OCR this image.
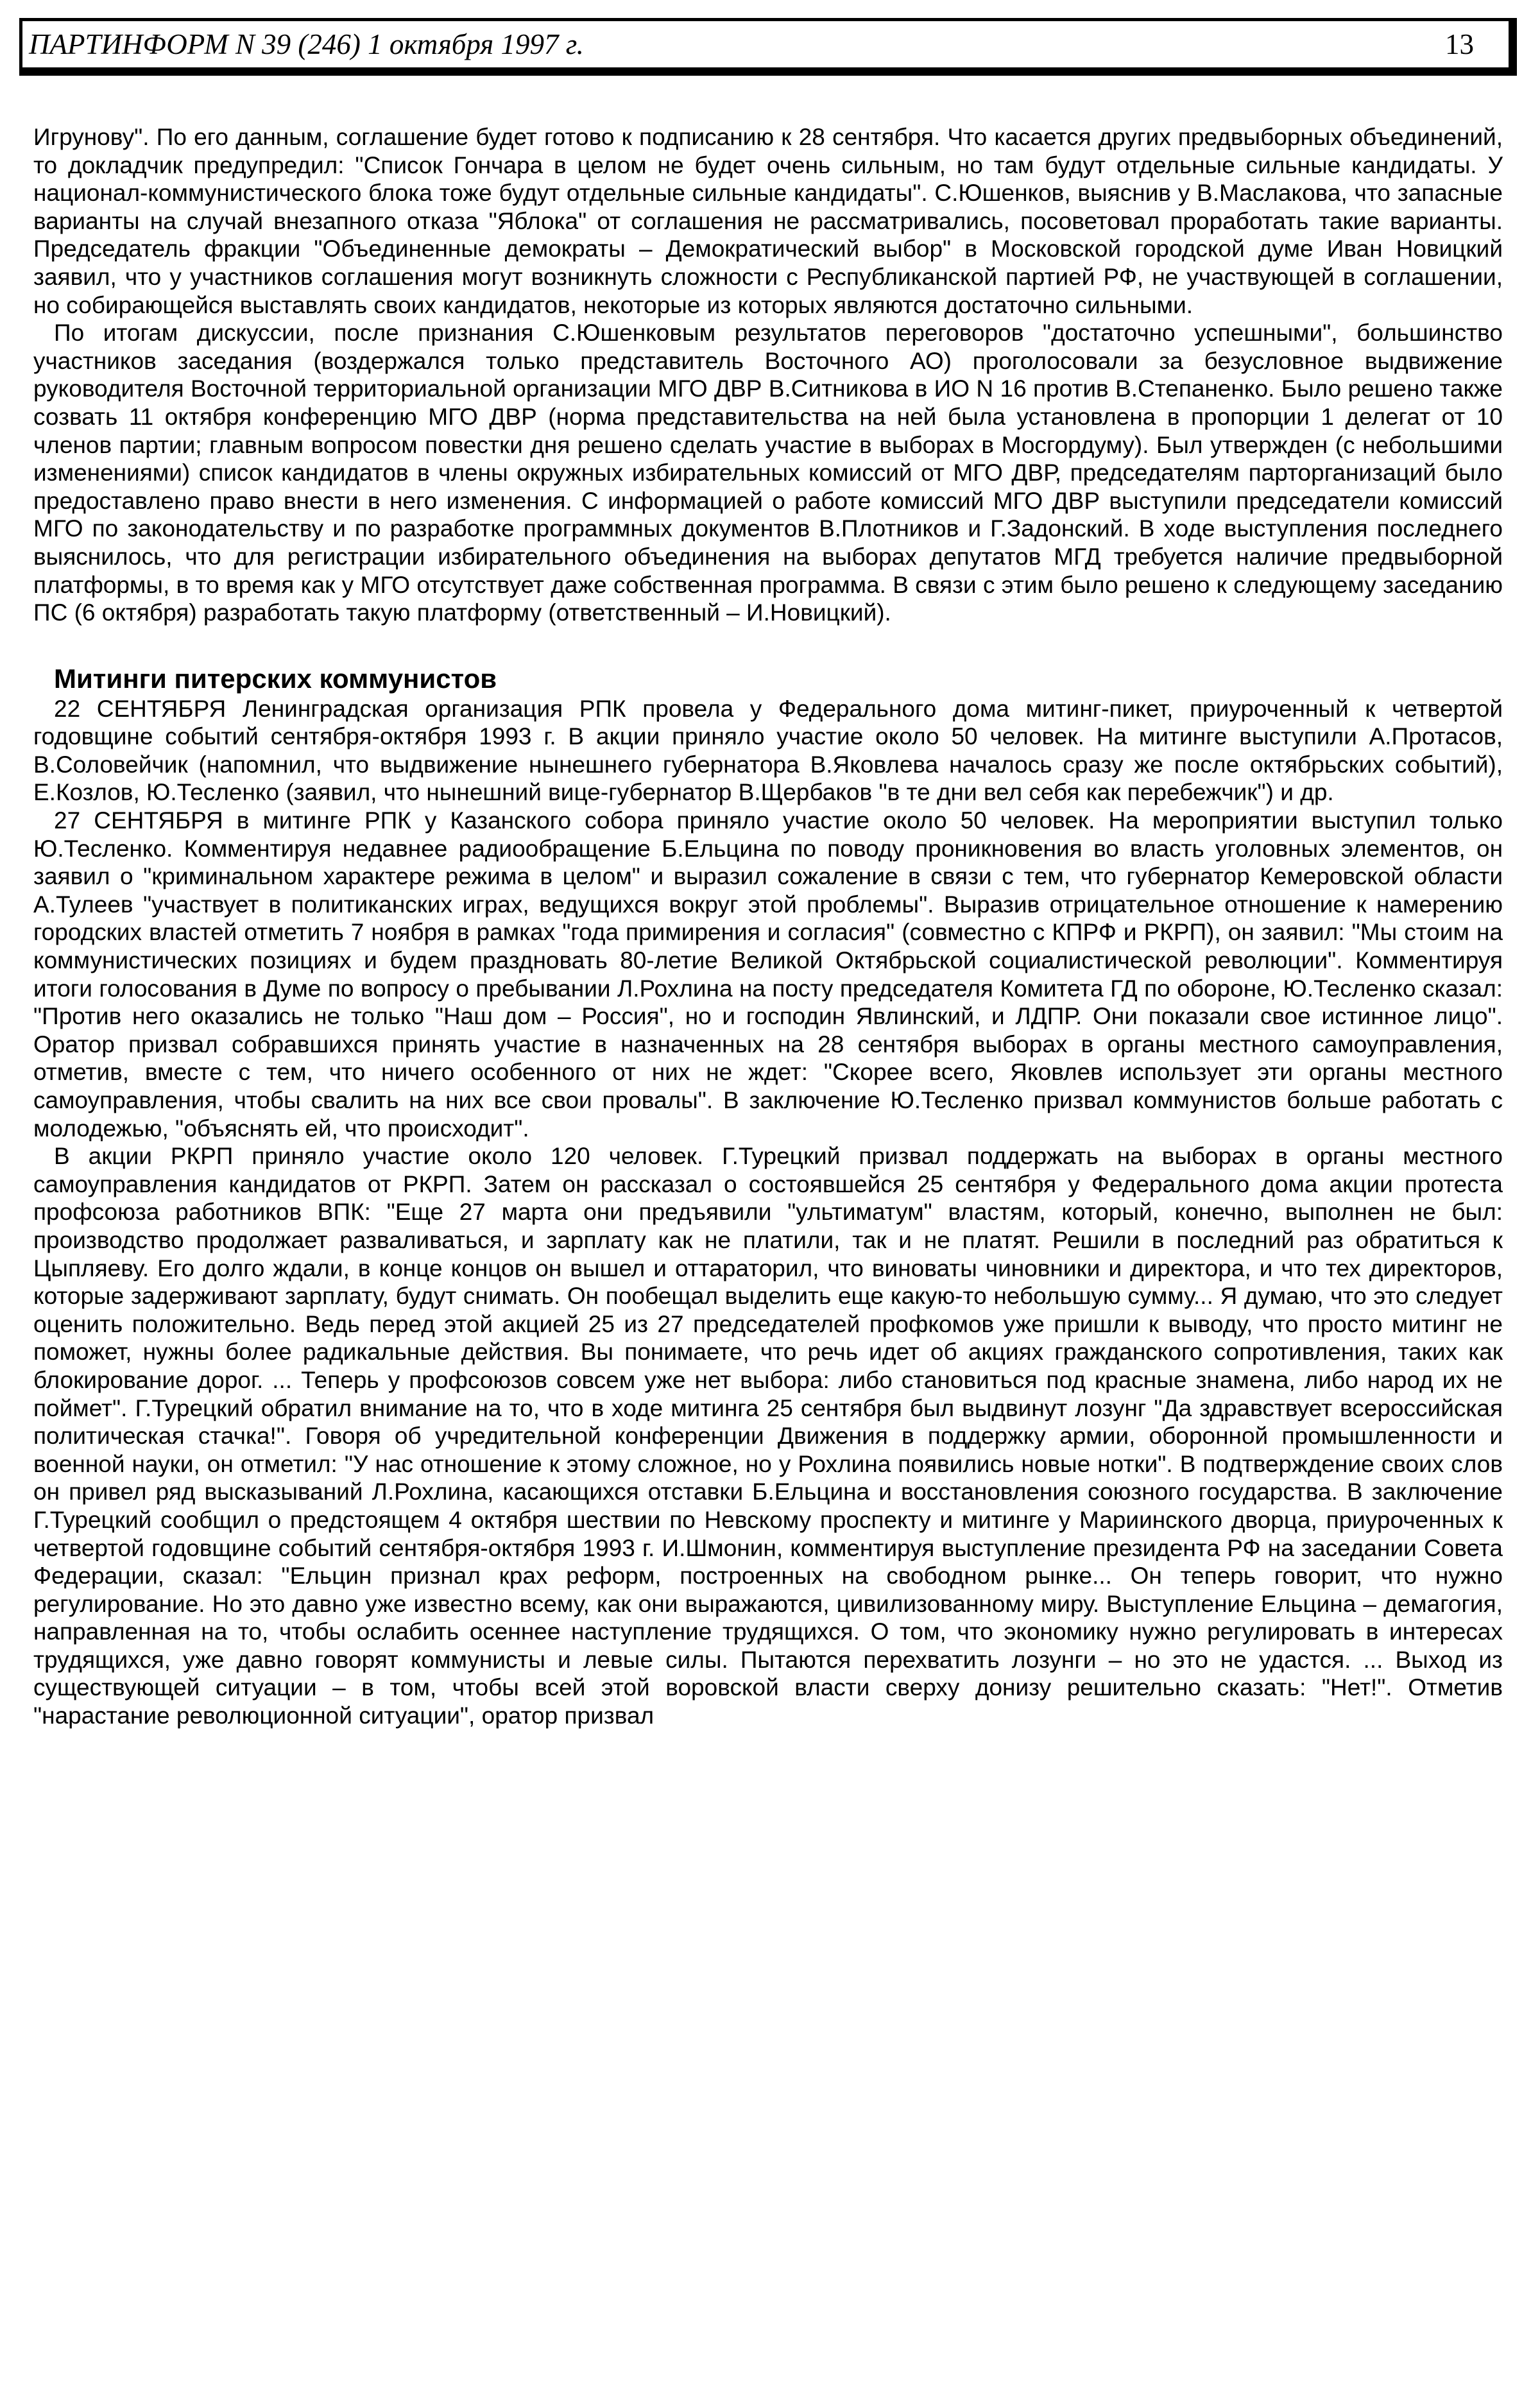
ПАРТИНФОРМ N 39 (246) 1 октября 1997 г.	13

Игрунову". По его данным, соглашение будет готово к подписанию к 28 сентября. Что касается других предвыборных объединений, то докладчик предупредил: "Список Гончара в целом не будет очень сильным, но там будут отдельные сильные кандидаты. У национал-коммунистического блока тоже будут отдельные сильные кандидаты". С.Юшенков, выяснив у В.Маслакова, что запасные варианты на случай внезапного отказа "Яблока" от соглашения не рассматривались, посоветовал проработать такие варианты. Председатель фракции "Объединенные демократы – Демократический выбор" в Московской городской думе Иван Новицкий заявил, что у участников соглашения могут возникнуть сложности с Республиканской партией РФ, не участвующей в соглашении, но собирающейся выставлять своих кандидатов, некоторые из которых являются достаточно сильными.

По итогам дискуссии, после признания С.Юшенковым результатов переговоров "достаточно успешными", большинство участников заседания (воздержался только представитель Восточного АО) проголосовали за безусловное выдвижение руководителя Восточной территориальной организации МГО ДВР В.Ситникова в ИО N 16 против В.Степаненко. Было решено также созвать 11 октября конференцию МГО ДВР (норма представительства на ней была установлена в пропорции 1 делегат от 10 членов партии; главным вопросом повестки дня решено сделать участие в выборах в Мосгордуму). Был утвержден (с небольшими изменениями) список кандидатов в члены окружных избирательных комиссий от МГО ДВР, председателям парторганизаций было предоставлено право внести в него изменения. С информацией о работе комиссий МГО ДВР выступили председатели комиссий МГО по законодательству и по разработке программных документов В.Плотников и Г.Задонский. В ходе выступления последнего выяснилось, что для регистрации избирательного объединения на выборах депутатов МГД требуется наличие предвыборной платформы, в то время как у МГО отсутствует даже собственная программа. В связи с этим было решено к следующему заседанию ПС (6 октября) разработать такую платформу (ответственный – И.Новицкий).

Митинги питерских коммунистов

22 СЕНТЯБРЯ Ленинградская организация РПК провела у Федерального дома митинг-пикет, приуроченный к четвертой годовщине событий сентября-октября 1993 г. В акции приняло участие около 50 человек. На митинге выступили А.Протасов, В.Соловейчик (напомнил, что выдвижение нынешнего губернатора В.Яковлева началось сразу же после октябрьских событий), Е.Козлов, Ю.Тесленко (заявил, что нынешний вице-губернатор В.Щербаков "в те дни вел себя как перебежчик") и др.

27 СЕНТЯБРЯ в митинге РПК у Казанского собора приняло участие около 50 человек. На мероприятии выступил только Ю.Тесленко. Комментируя недавнее радиообращение Б.Ельцина по поводу проникновения во власть уголовных элементов, он заявил о "криминальном характере режима в целом" и выразил сожаление в связи с тем, что губернатор Кемеровской области А.Тулеев "участвует в политиканских играх, ведущихся вокруг этой проблемы". Выразив отрицательное отношение к намерению городских властей отметить 7 ноября в рамках "года примирения и согласия" (совместно с КПРФ и РКРП), он заявил: "Мы стоим на коммунистических позициях и будем праздновать 80-летие Великой Октябрьской социалистической революции". Комментируя итоги голосования в Думе по вопросу о пребывании Л.Рохлина на посту председателя Комитета ГД по обороне, Ю.Тесленко сказал: "Против него оказались не только "Наш дом – Россия", но и господин Явлинский, и ЛДПР. Они показали свое истинное лицо". Оратор призвал собравшихся принять участие в назначенных на 28 сентября выборах в органы местного самоуправления, отметив, вместе с тем, что ничего особенного от них не ждет: "Скорее всего, Яковлев использует эти органы местного самоуправления, чтобы свалить на них все свои провалы". В заключение Ю.Тесленко призвал коммунистов больше работать с молодежью, "объяснять ей, что происходит".

В акции РКРП приняло участие около 120 человек. Г.Турецкий призвал поддержать на выборах в органы местного самоуправления кандидатов от РКРП. Затем он рассказал о состоявшейся 25 сентября у Федерального дома акции протеста профсоюза работников ВПК: "Еще 27 марта они предъявили "ультиматум" властям, который, конечно, выполнен не был: производство продолжает разваливаться, и зарплату как не платили, так и не платят. Решили в последний раз обратиться к Цыпляеву. Его долго ждали, в конце концов он вышел и оттараторил, что виноваты чиновники и директора, и что тех директоров, которые задерживают зарплату, будут снимать. Он пообещал выделить еще какую-то небольшую сумму... Я думаю, что это следует оценить положительно. Ведь перед этой акцией 25 из 27 председателей профкомов уже пришли к выводу, что просто митинг не поможет, нужны более радикальные действия. Вы понимаете, что речь идет об акциях гражданского сопротивления, таких как блокирование дорог. ... Теперь у профсоюзов совсем уже нет выбора: либо становиться под красные знамена, либо народ их не поймет". Г.Турецкий обратил внимание на то, что в ходе митинга 25 сентября был выдвинут лозунг "Да здравствует всероссийская политическая стачка!". Говоря об учредительной конференции Движения в поддержку армии, оборонной промышленности и военной науки, он отметил: "У нас отношение к этому сложное, но у Рохлина появились новые нотки". В подтверждение своих слов он привел ряд высказываний Л.Рохлина, касающихся отставки Б.Ельцина и восстановления союзного государства. В заключение Г.Турецкий сообщил о предстоящем 4 октября шествии по Невскому проспекту и митинге у Мариинского дворца, приуроченных к четвертой годовщине событий сентября-октября 1993 г. И.Шмонин, комментируя выступление президента РФ на заседании Совета Федерации, сказал: "Ельцин признал крах реформ, построенных на свободном рынке... Он теперь говорит, что нужно регулирование. Но это давно уже известно всему, как они выражаются, цивилизованному миру. Выступление Ельцина – демагогия, направленная на то, чтобы ослабить осеннее наступление трудящихся. О том, что экономику нужно регулировать в интересах трудящихся, уже давно говорят коммунисты и левые силы. Пытаются перехватить лозунги – но это не удастся. ... Выход из существующей ситуации – в том, чтобы всей этой воровской власти сверху донизу решительно сказать: "Нет!". Отметив "нарастание революционной ситуации", оратор призвал
